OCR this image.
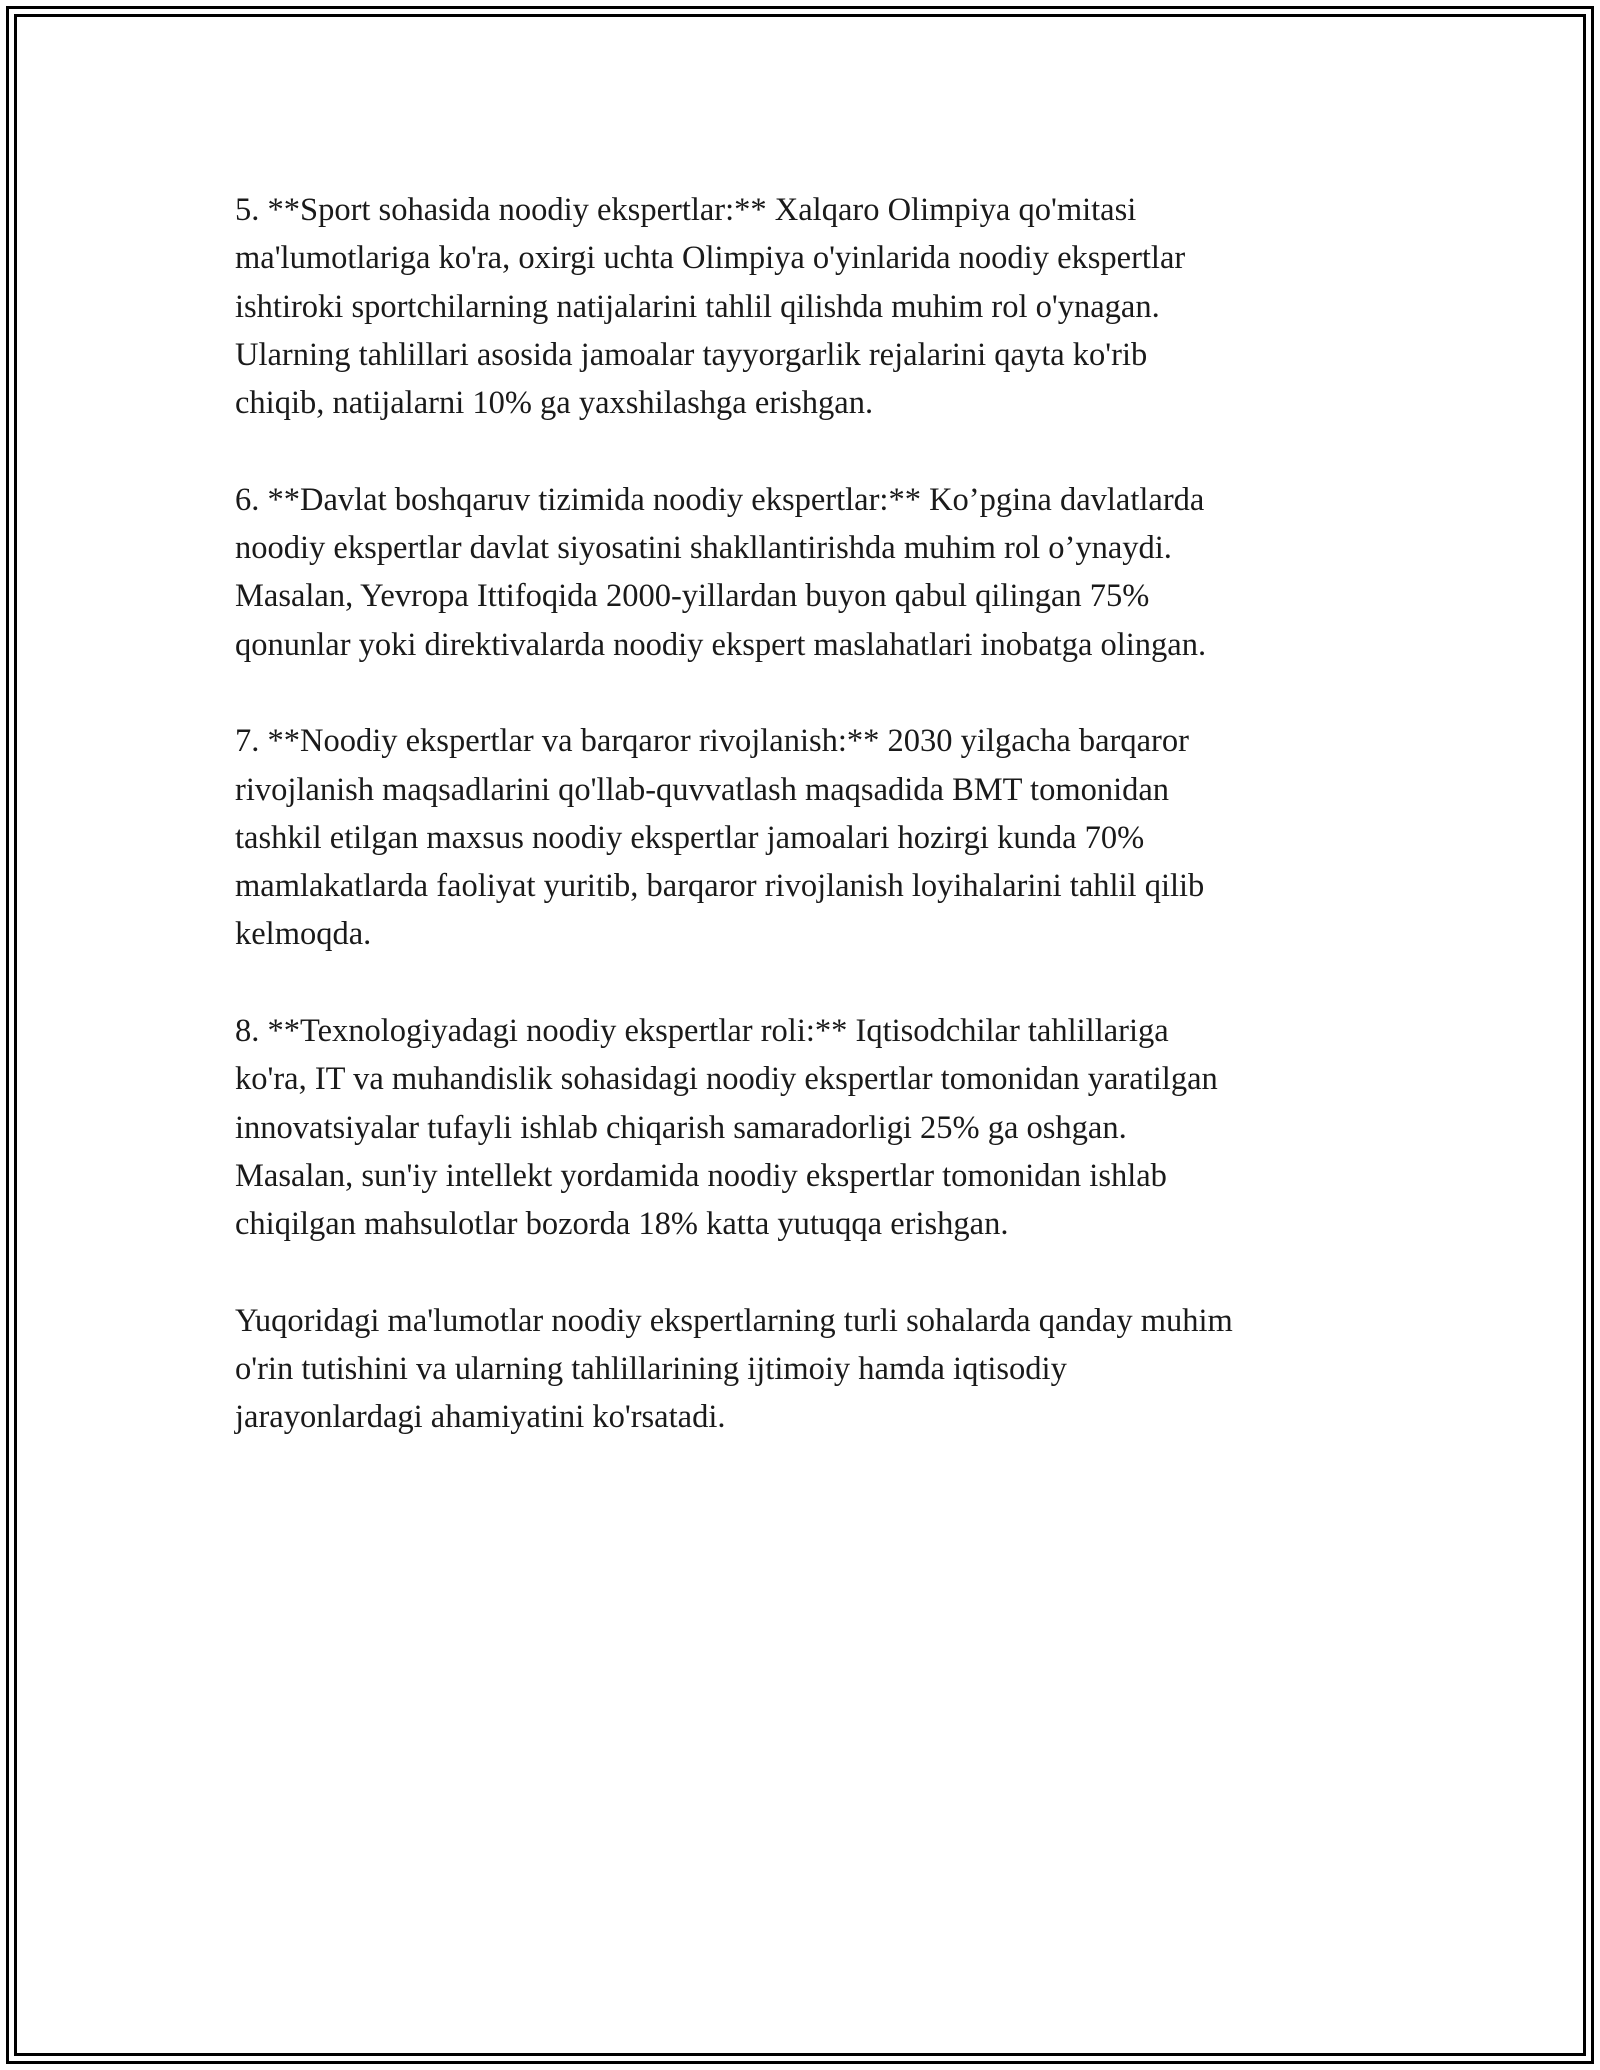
5. **Sport sohasida noodiy ekspertlar:** Xalqaro Olimpiya qo'mitasi
ma'lumotlariga ko'ra, oxirgi uchta Olimpiya o'yinlarida noodiy ekspertlar
ishtiroki sportchilarning natijalarini tahlil qilishda muhim rol o'ynagan.
Ularning tahlillari asosida jamoalar tayyorgarlik rejalarini qayta ko'rib
chiqib, natijalarni 10% ga yaxshilashga erishgan.

6. **Davlat boshqaruv tizimida noodiy ekspertlar:** Ko’pgina davlatlarda
noodiy ekspertlar davlat siyosatini shakllantirishda muhim rol o’ynaydi.
Masalan, Yevropa Ittifoqida 2000-yillardan buyon qabul qilingan 75%
qonunlar yoki direktivalarda noodiy ekspert maslahatlari inobatga olingan.

7. **Noodiy ekspertlar va barqaror rivojlanish:** 2030 yilgacha barqaror
rivojlanish maqsadlarini qo'llab-quvvatlash maqsadida BMT tomonidan
tashkil etilgan maxsus noodiy ekspertlar jamoalari hozirgi kunda 70%
mamlakatlarda faoliyat yuritib, barqaror rivojlanish loyihalarini tahlil qilib
kelmoqda.

8. **Texnologiyadagi noodiy ekspertlar roli:** Iqtisodchilar tahlillariga
ko'ra, IT va muhandislik sohasidagi noodiy ekspertlar tomonidan yaratilgan
innovatsiyalar tufayli ishlab chiqarish samaradorligi 25% ga oshgan.
Masalan, sun'iy intellekt yordamida noodiy ekspertlar tomonidan ishlab
chiqilgan mahsulotlar bozorda 18% katta yutuqqa erishgan.

Yuqoridagi ma'lumotlar noodiy ekspertlarning turli sohalarda qanday muhim
o'rin tutishini va ularning tahlillarining ijtimoiy hamda iqtisodiy
jarayonlardagi ahamiyatini ko'rsatadi.
